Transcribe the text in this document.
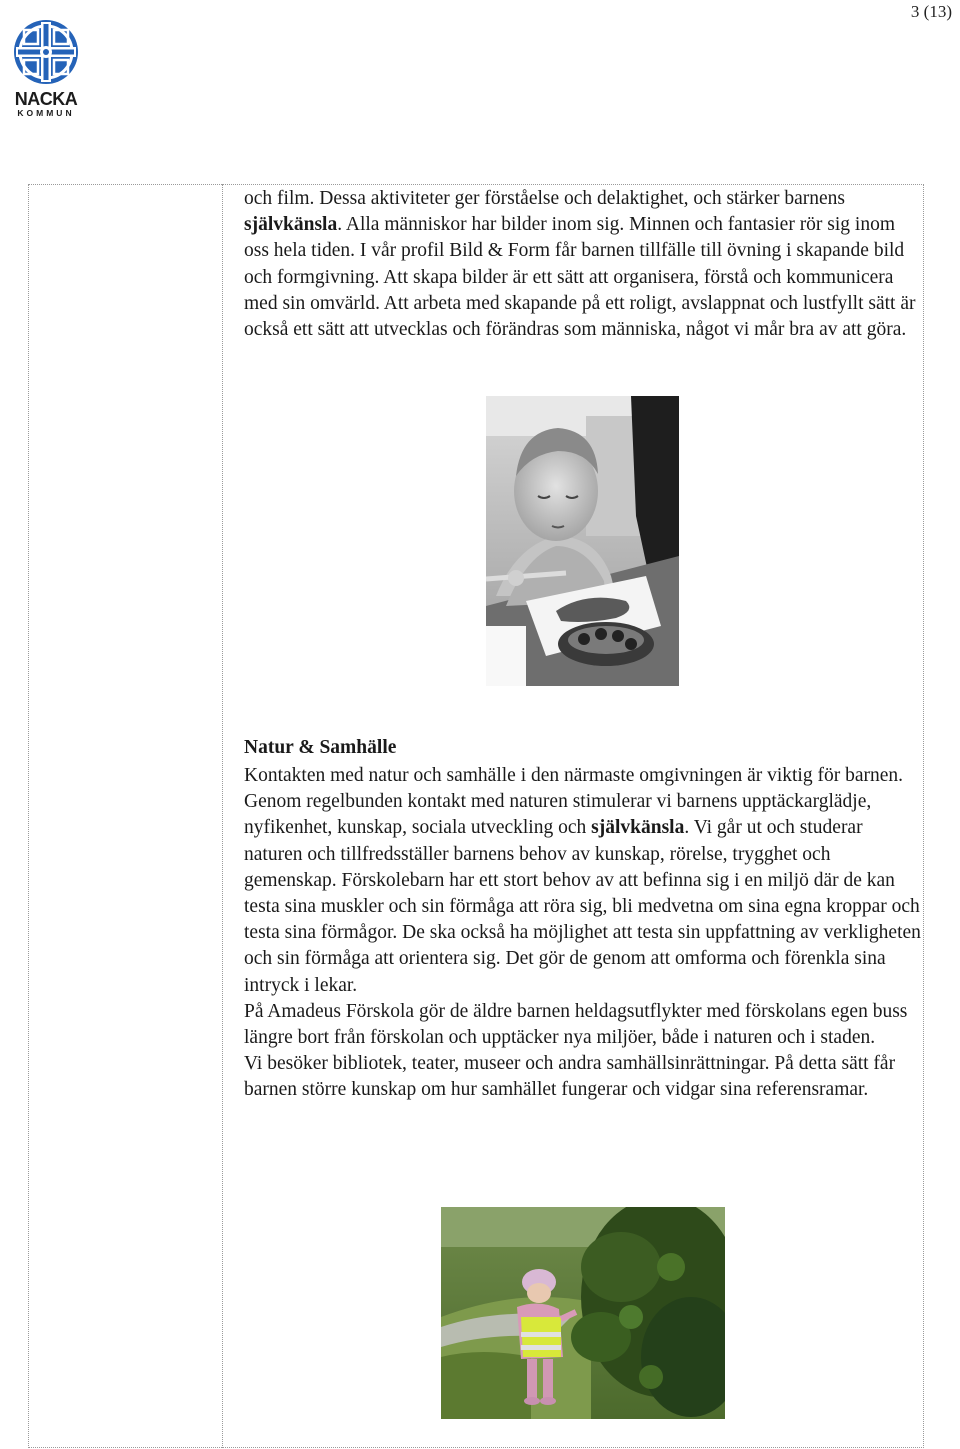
3 (13)
NACKA
KOMMUN

och film. Dessa aktiviteter ger förståelse och delaktighet, och stärker barnens självkänsla. Alla människor har bilder inom sig. Minnen och fantasier rör sig inom oss hela tiden. I vår profil Bild & Form får barnen tillfälle till övning i skapande bild och formgivning. Att skapa bilder är ett sätt att organisera, förstå och kommunicera med sin omvärld. Att arbeta med skapande på ett roligt, avslappnat och lustfyllt sätt är också ett sätt att utvecklas och förändras som människa, något vi mår bra av att göra.

Natur & Samhälle

Kontakten med natur och samhälle i den närmaste omgivningen är viktig för barnen. Genom regelbunden kontakt med naturen stimulerar vi barnens upptäckarglädje, nyfikenhet, kunskap, sociala utveckling och självkänsla. Vi går ut och studerar naturen och tillfredsställer barnens behov av kunskap, rörelse, trygghet och gemenskap. Förskolebarn har ett stort behov av att befinna sig i en miljö där de kan testa sina muskler och sin förmåga att röra sig, bli medvetna om sina egna kroppar och testa sina förmågor. De ska också ha möjlighet att testa sin uppfattning av verkligheten och sin förmåga att orientera sig. Det gör de genom att omforma och förenkla sina intryck i lekar.

På Amadeus Förskola gör de äldre barnen heldagsutflykter med förskolans egen buss längre bort från förskolan och upptäcker nya miljöer, både i naturen och i staden.

Vi besöker bibliotek, teater, museer och andra samhällsinrättningar. På detta sätt får barnen större kunskap om hur samhället fungerar och vidgar sina referensramar.
